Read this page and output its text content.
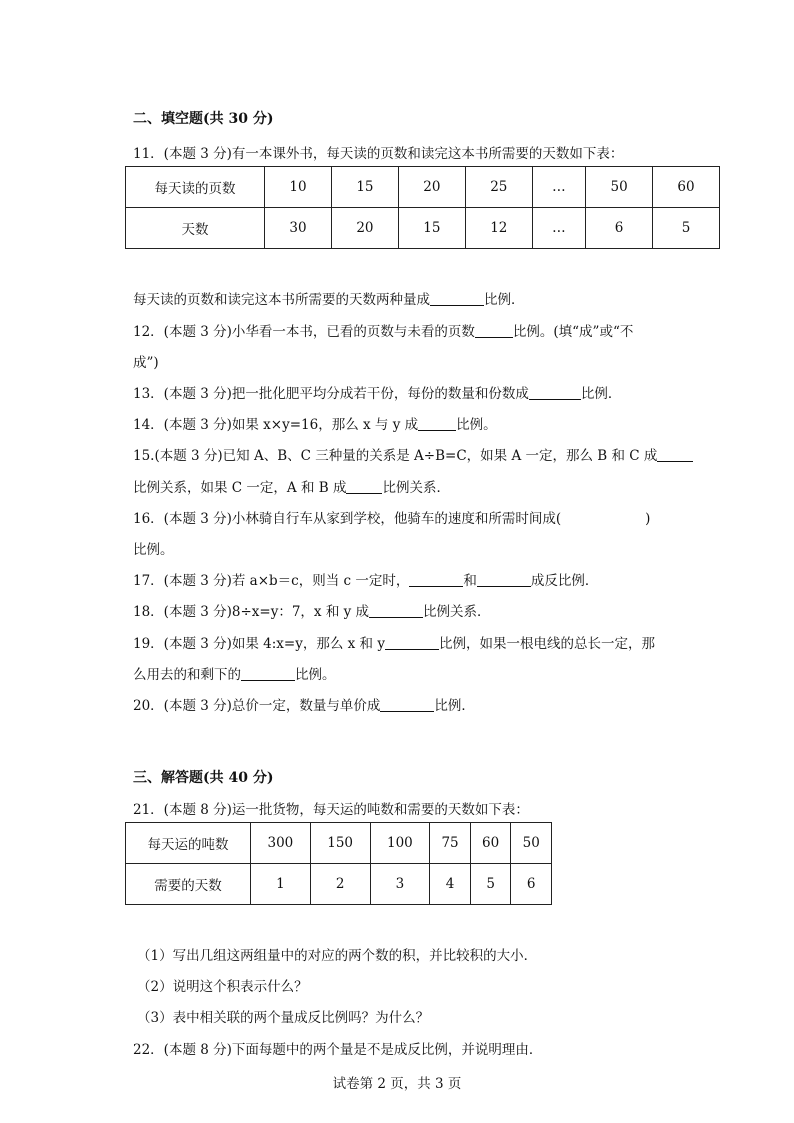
二、填空题(共 30 分)
11．(本题 3 分)有一本课外书，每天读的页数和读完这本书所需要的天数如下表：
每天读的页数	10	15	20	25	…	50	60
天数	30	20	15	12	…	6	5
每天读的页数和读完这本书所需要的天数两种量成	比例．
12．(本题 3 分)小华看一本书，已看的页数与未看的页数	比例。(填“成”或“不
成”)
13．(本题 3 分)把一批化肥平均分成若干份，每份的数量和份数成	比例．
14．(本题 3 分)如果 x×y=16，那么 x 与 y 成	比例。
15.(本题 3 分)已知 A、B、C 三种量的关系是 A÷B=C，如果 A 一定，那么 B 和 C 成
比例关系，如果 C 一定，A 和 B 成	比例关系．
16．(本题 3 分)小林骑自行车从家到学校，他骑车的速度和所需时间成(	)
比例。
17．(本题 3 分)若 a×b＝c，则当 c 一定时，	和	成反比例．
18．(本题 3 分)8÷x=y：7，x 和 y 成	比例关系．
19．(本题 3 分)如果 4:x=y，那么 x 和 y	比例，如果一根电线的总长一定，那
么用去的和剩下的	比例。
20．(本题 3 分)总价一定，数量与单价成	比例．
三、解答题(共 40 分)
21．(本题 8 分)运一批货物，每天运的吨数和需要的天数如下表：
每天运的吨数	300	150	100	75	60	50
需要的天数	1	2	3	4	5	6
（1）写出几组这两组量中的对应的两个数的积，并比较积的大小．
（2）说明这个积表示什么？
（3）表中相关联的两个量成反比例吗？为什么？
22．(本题 8 分)下面每题中的两个量是不是成反比例，并说明理由．
试卷第 2 页，共 3 页
